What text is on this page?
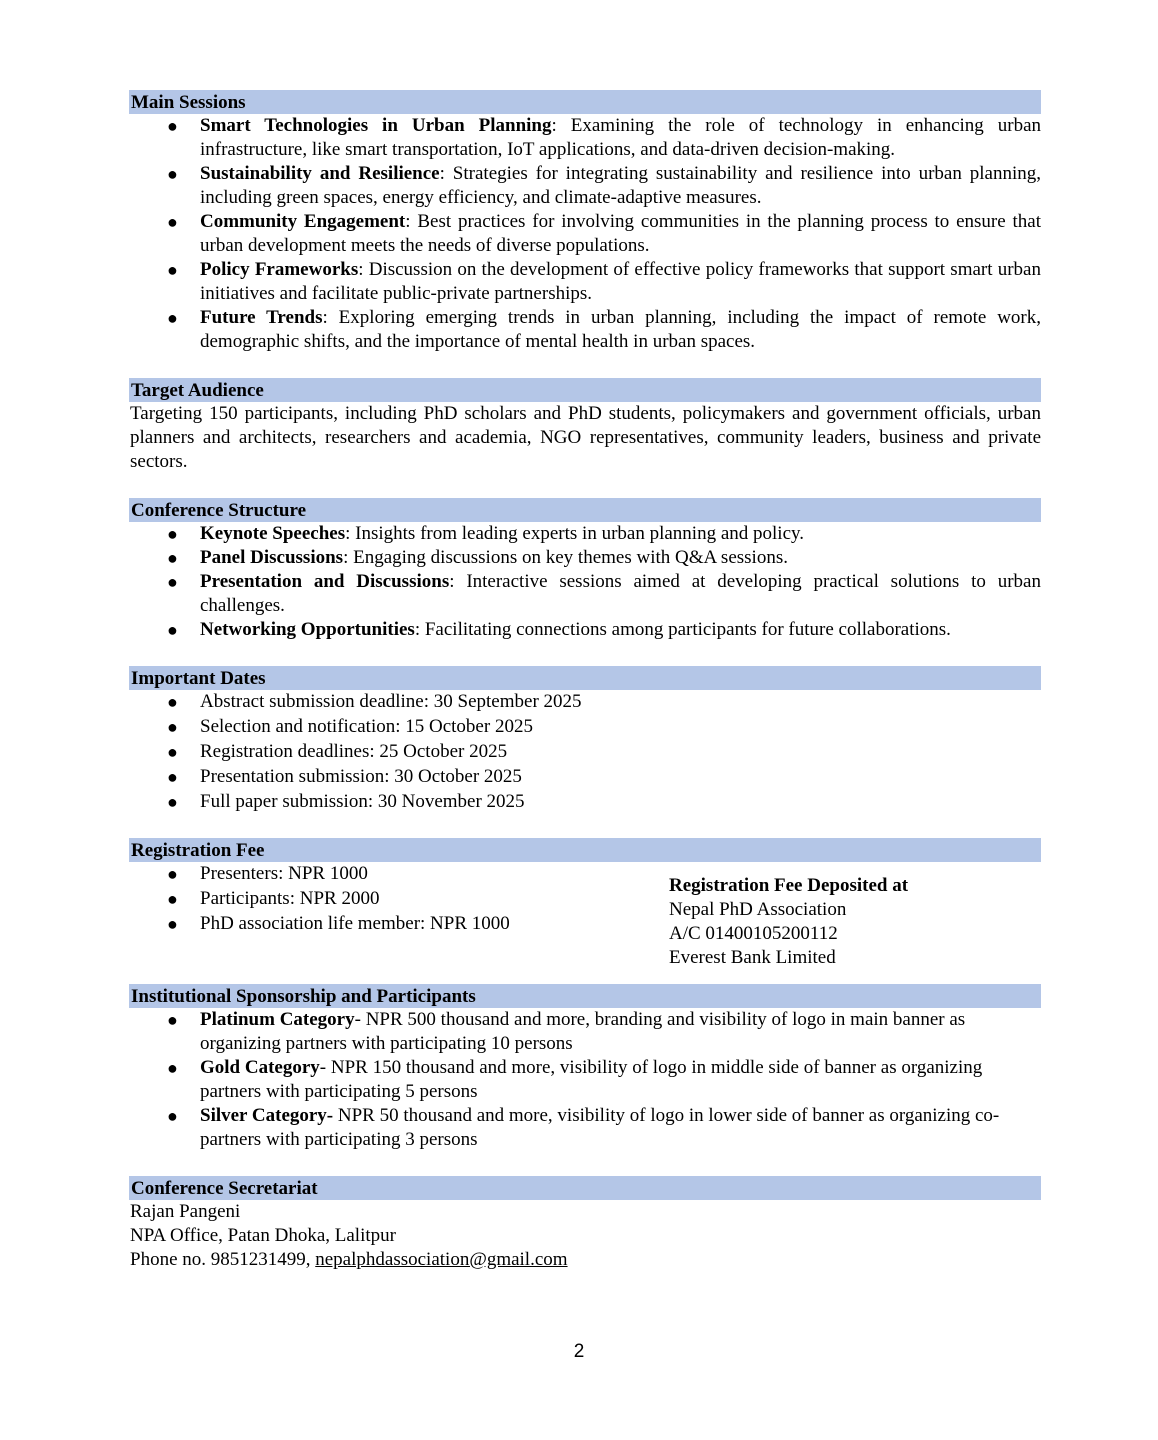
Main Sessions
● Smart Technologies in Urban Planning: Examining the role of technology in enhancing urban infrastructure, like smart transportation, IoT applications, and data-driven decision-making.
● Sustainability and Resilience: Strategies for integrating sustainability and resilience into urban planning, including green spaces, energy efficiency, and climate-adaptive measures.
● Community Engagement: Best practices for involving communities in the planning process to ensure that urban development meets the needs of diverse populations.
● Policy Frameworks: Discussion on the development of effective policy frameworks that support smart urban initiatives and facilitate public-private partnerships.
● Future Trends: Exploring emerging trends in urban planning, including the impact of remote work, demographic shifts, and the importance of mental health in urban spaces.
Target Audience

Targeting 150 participants, including PhD scholars and PhD students, policymakers and government officials, urban planners and architects, researchers and academia, NGO representatives, community leaders, business and private sectors.

Conference Structure
● Keynote Speeches: Insights from leading experts in urban planning and policy.
● Panel Discussions: Engaging discussions on key themes with Q&A sessions.
● Presentation and Discussions: Interactive sessions aimed at developing practical solutions to urban challenges.
● Networking Opportunities: Facilitating connections among participants for future collaborations.
Important Dates
● Abstract submission deadline: 30 September 2025
● Selection and notification: 15 October 2025
● Registration deadlines: 25 October 2025
● Presentation submission: 30 October 2025
● Full paper submission: 30 November 2025
Registration Fee
● Presenters: NPR 1000
● Participants: NPR 2000
● PhD association life member: NPR 1000
Registration Fee Deposited at
Nepal PhD Association
A/C 01400105200112
Everest Bank Limited
Institutional Sponsorship and Participants
● Platinum Category- NPR 500 thousand and more, branding and visibility of logo in main banner as organizing partners with participating 10 persons
● Gold Category- NPR 150 thousand and more, visibility of logo in middle side of banner as organizing partners with participating 5 persons
● Silver Category- NPR 50 thousand and more, visibility of logo in lower side of banner as organizing co-partners with participating 3 persons
Conference Secretariat
Rajan Pangeni
NPA Office, Patan Dhoka, Lalitpur
Phone no. 9851231499, nepalphdassociation@gmail.com
2
